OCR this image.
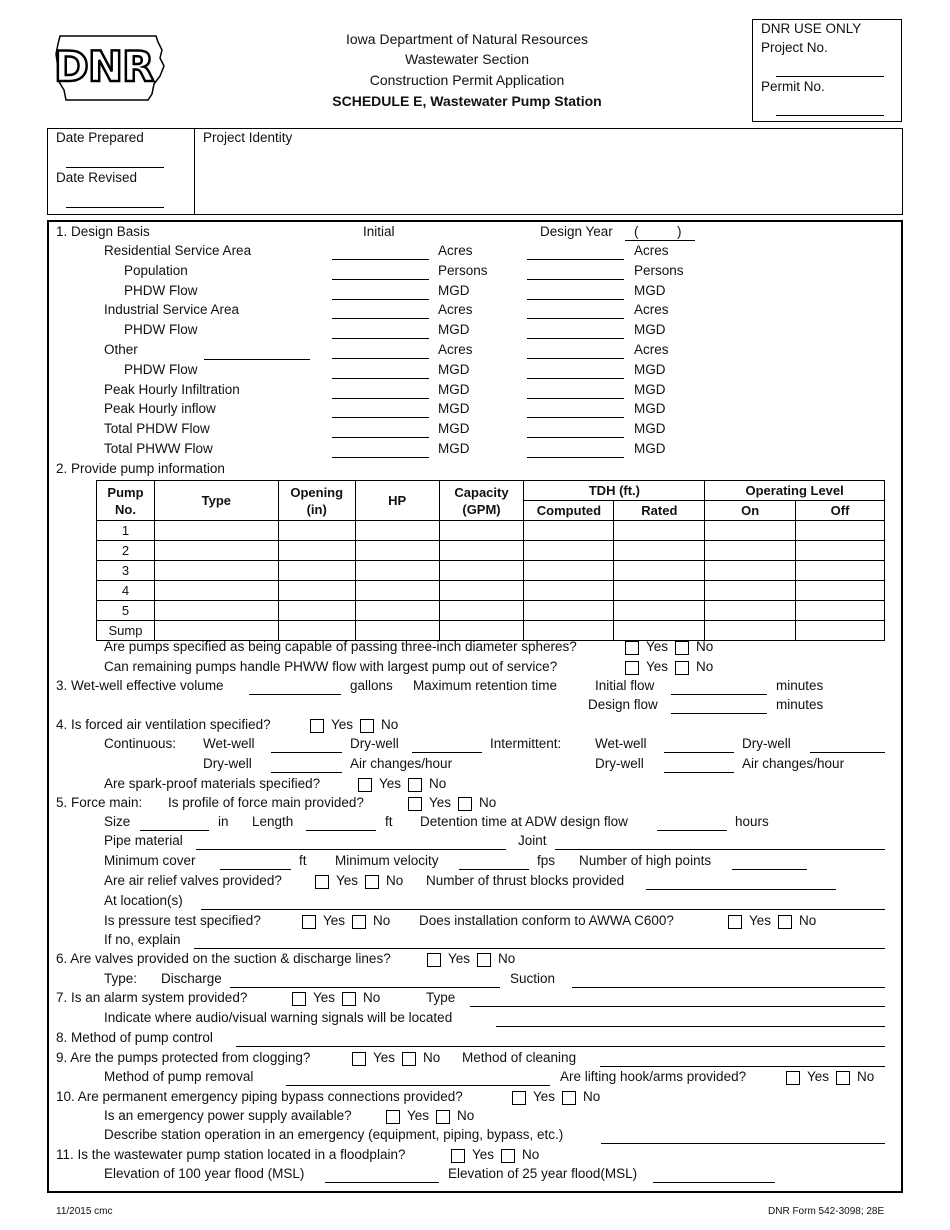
DNR
Iowa Department of Natural Resources
Wastewater Section
Construction Permit Application
SCHEDULE E, Wastewater Pump Station
DNR USE ONLY
Project No.
Permit No.
Date Prepared
Date Revised
Project Identity
1. Design Basis	Initial	Design Year (	)
Residential Service Area	Acres	Acres
Population	Persons	Persons
PHDW Flow	MGD	MGD
Industrial Service Area	Acres	Acres
PHDW Flow	MGD	MGD
Other	Acres	Acres
PHDW Flow	MGD	MGD
Peak Hourly Infiltration	MGD	MGD
Peak Hourly inflow	MGD	MGD
Total PHDW Flow	MGD	MGD
Total PHWW Flow	MGD	MGD
2. Provide pump information
Pump No.	Type	Opening (in)	HP	Capacity (GPM)	TDH (ft.)		Operating Level	
					Computed	Rated	On	Off
1								
2								
3								
4								
5								
Sump								
Are pumps specified as being capable of passing three-inch diameter spheres?	Yes No
Can remaining pumps handle PHWW flow with largest pump out of service?	Yes No
3. Wet-well effective volume	gallons Maximum retention time	Initial flow	minutes
Design flow	minutes
4. Is forced air ventilation specified?	Yes No
Continuous: Wet-well	Dry-well	Intermittent: Wet-well	Dry-well
Dry-well	Air changes/hour	Dry-well	Air changes/hour
Are spark-proof materials specified?	Yes No
5. Force main: Is profile of force main provided?	Yes No
Size	in Length	ft Detention time at ADW design flow	hours
Pipe material	Joint
Minimum cover	ft Minimum velocity	fps Number of high points
Are air relief valves provided?	Yes No Number of thrust blocks provided
At location(s)
Is pressure test specified?	Yes No Does installation conform to AWWA C600?	Yes No
If no, explain
6. Are valves provided on the suction & discharge lines?	Yes No
Type: Discharge	Suction
7. Is an alarm system provided?	Yes No	Type
Indicate where audio/visual warning signals will be located
8. Method of pump control
9. Are the pumps protected from clogging?	Yes No Method of cleaning
Method of pump removal	Are lifting hook/arms provided?	Yes No
10. Are permanent emergency piping bypass connections provided?	Yes No
Is an emergency power supply available?	Yes No
Describe station operation in an emergency (equipment, piping, bypass, etc.)
11. Is the wastewater pump station located in a floodplain?	Yes No
Elevation of 100 year flood (MSL)	Elevation of 25 year flood(MSL)
11/2015 cmc	DNR Form 542-3098; 28E
